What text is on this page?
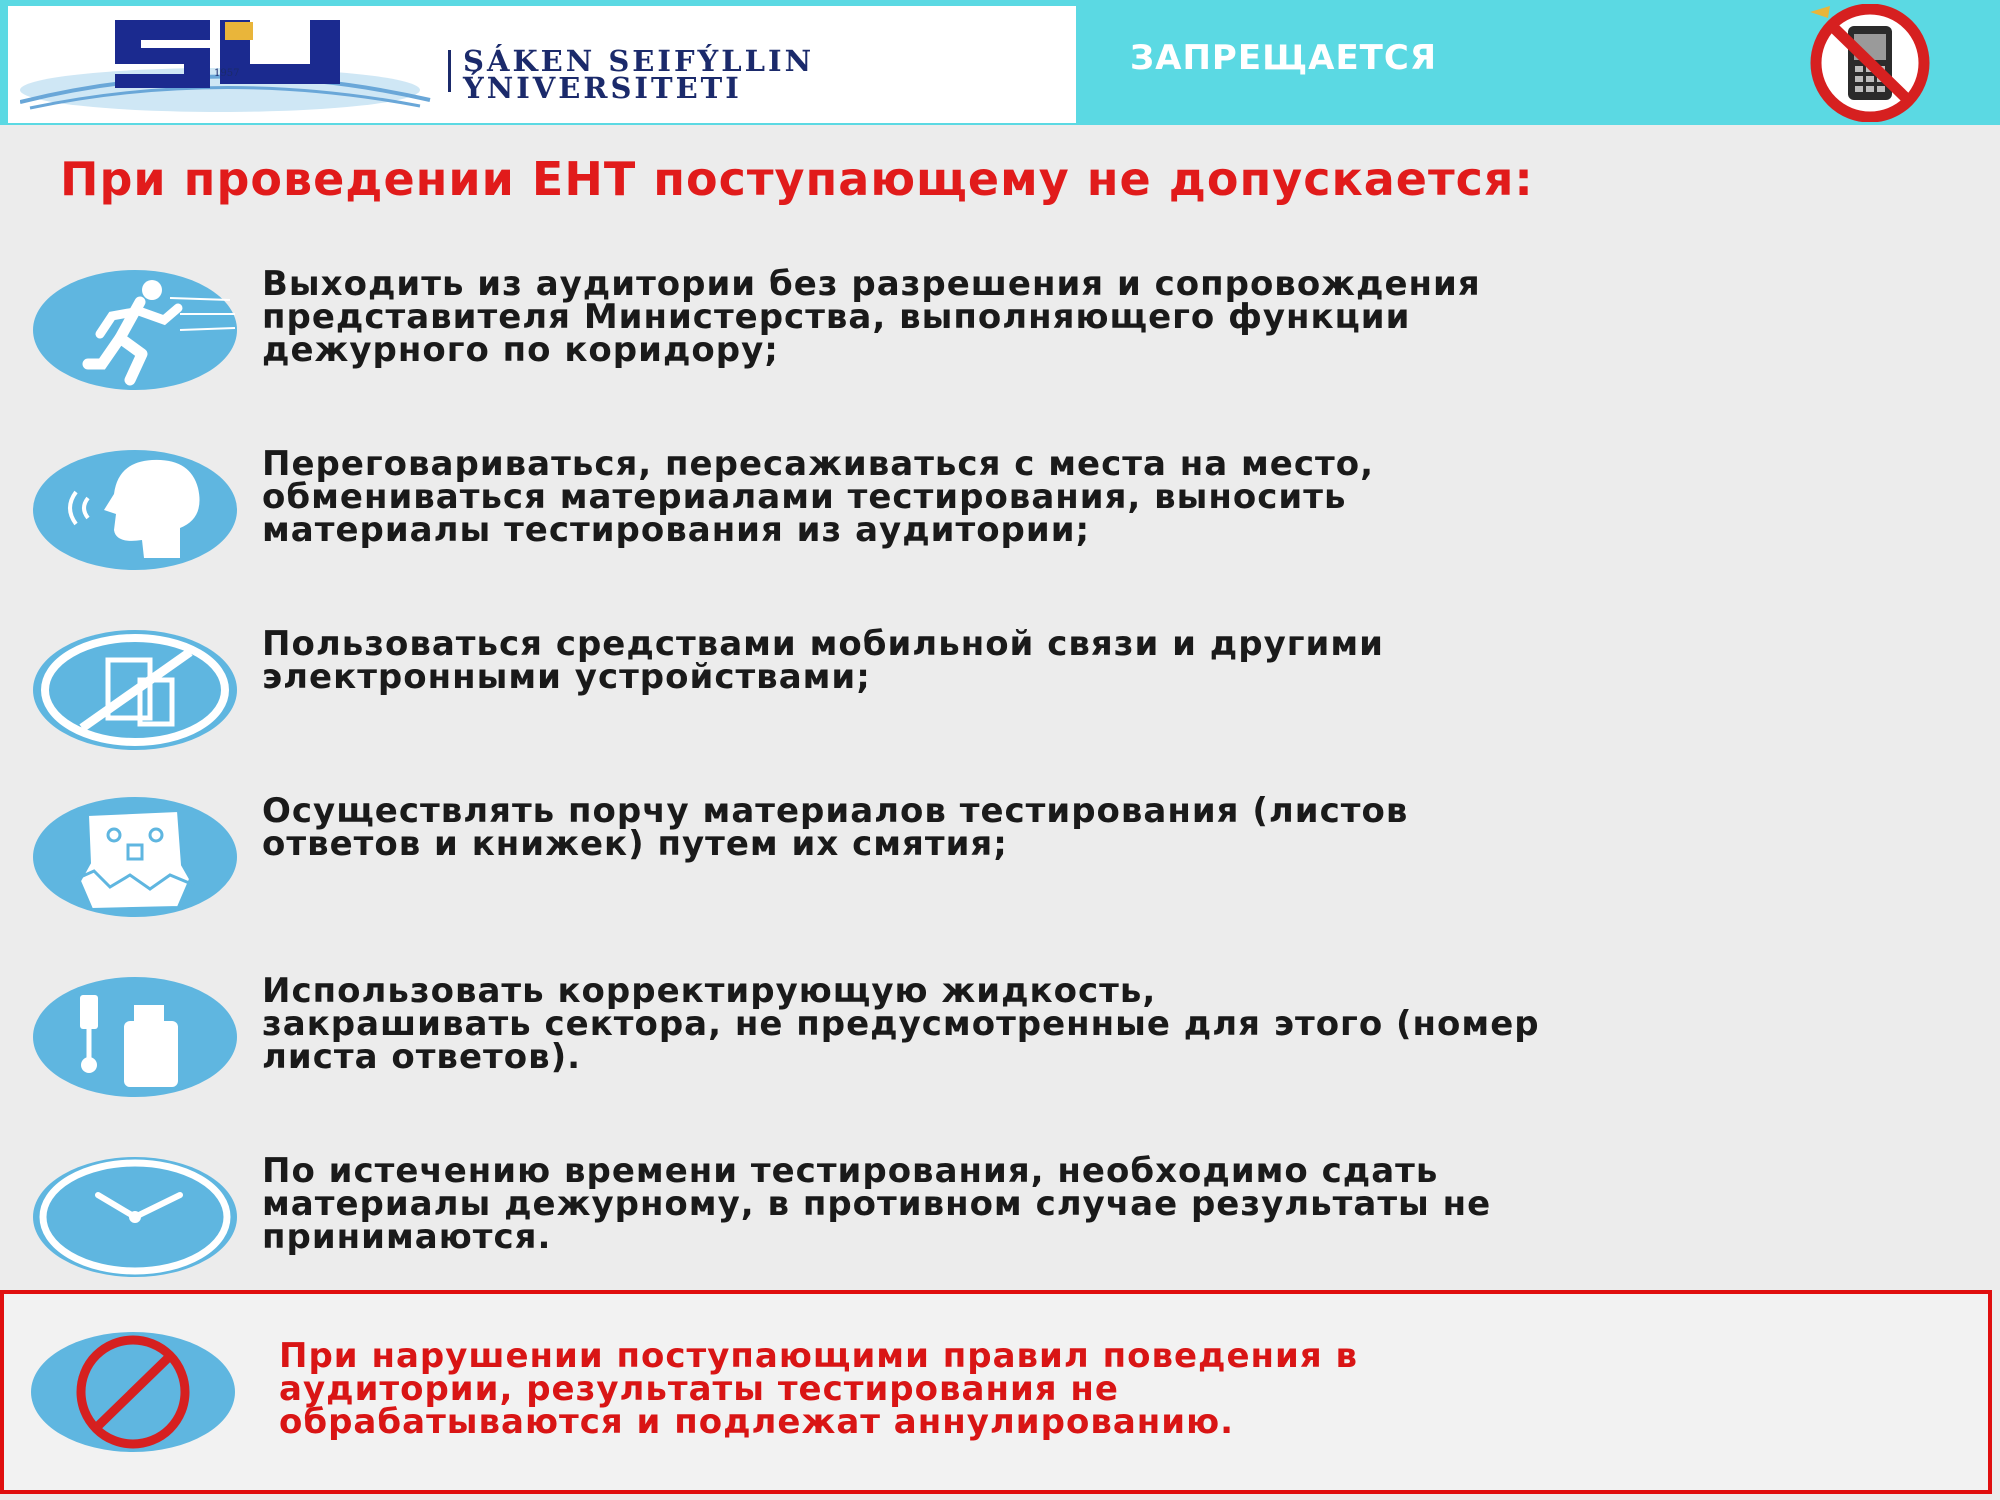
1957	SÁKEN SEIFÝLLIN
ÝNIVERSITETI
ЗАПРЕЩАЕТСЯ
При проведении ЕНТ поступающему не допускается:
Выходить из аудитории без разрешения и сопровождения
представителя Министерства, выполняющего функции
дежурного по коридору;
Переговариваться, пересаживаться с места на место,
обмениваться материалами тестирования, выносить
материалы тестирования из аудитории;
Пользоваться средствами мобильной связи и другими
электронными устройствами;
Осуществлять порчу материалов тестирования (листов
ответов и книжек) путем их смятия;
Использовать корректирующую жидкость,
закрашивать сектора, не предусмотренные для этого (номер
листа ответов).
По истечению времени тестирования, необходимо сдать
материалы дежурному, в противном случае результаты не
принимаются.
При нарушении поступающими правил поведения в
аудитории, результаты тестирования не
обрабатываются и подлежат аннулированию.
